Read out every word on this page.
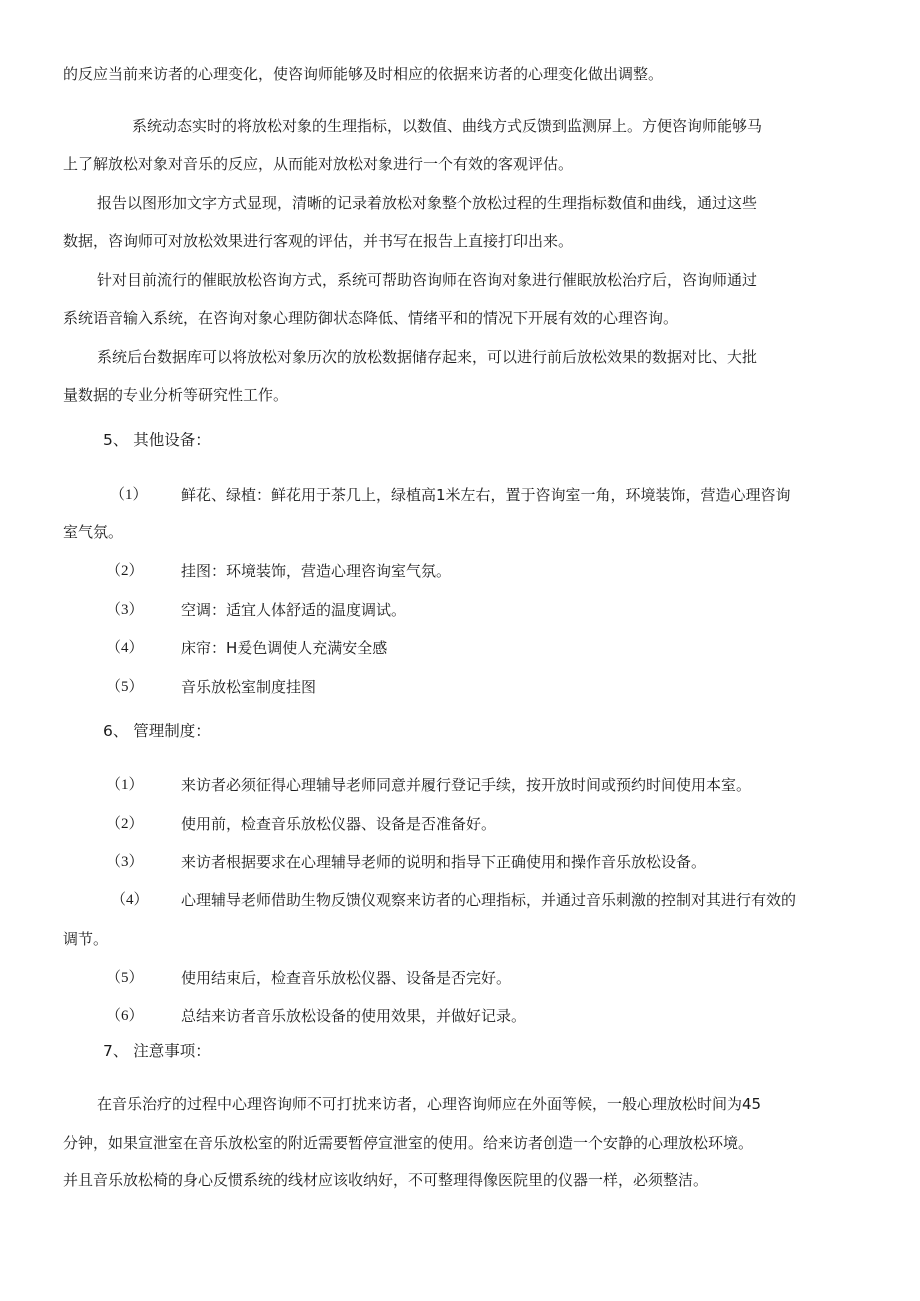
的反应当前来访者的心理变化，使咨询师能够及时相应的依据来访者的心理变化做出调整。
系统动态实时的将放松对象的生理指标，以数值、曲线方式反馈到监测屏上。方便咨询师能够马
上了解放松对象对音乐的反应，从而能对放松对象进行一个有效的客观评估。
报告以图形加文字方式显现，清晰的记录着放松对象整个放松过程的生理指标数值和曲线，通过这些
数据，咨询师可对放松效果进行客观的评估，并书写在报告上直接打印出来。
针对目前流行的催眠放松咨询方式，系统可帮助咨询师在咨询对象进行催眠放松治疗后，咨询师通过
系统语音输入系统，在咨询对象心理防御状态降低、情绪平和的情况下开展有效的心理咨询。
系统后台数据库可以将放松对象历次的放松数据储存起来，可以进行前后放松效果的数据对比、大批
量数据的专业分析等研究性工作。
5、 其他设备：
（1） 鲜花、绿植：鲜花用于茶几上，绿植高1米左右，置于咨询室一角，环境装饰，营造心理咨询
室气氛。
（2） 挂图：环境装饰，营造心理咨询室气氛。
（3） 空调：适宜人体舒适的温度调试。
（4） 床帘：H爰色调使人充满安全感
（5） 音乐放松室制度挂图
6、 管理制度：
（1） 来访者必须征得心理辅导老师同意并履行登记手续，按开放时间或预约时间使用本室。
（2） 使用前，检查音乐放松仪器、设备是否准备好。
（3） 来访者根据要求在心理辅导老师的说明和指导下正确使用和操作音乐放松设备。
（4） 心理辅导老师借助生物反馈仪观察来访者的心理指标，并通过音乐刺激的控制对其进行有效的
调节。
（5） 使用结束后，检查音乐放松仪器、设备是否完好。
（6） 总结来访者音乐放松设备的使用效果，并做好记录。
7、 注意事项：
在音乐治疗的过程中心理咨询师不可打扰来访者，心理咨询师应在外面等候，一般心理放松时间为45
分钟，如果宣泄室在音乐放松室的附近需要暂停宣泄室的使用。给来访者创造一个安静的心理放松环境。
并且音乐放松椅的身心反惯系统的线材应该收纳好，不可整理得像医院里的仪器一样，必须整洁。
